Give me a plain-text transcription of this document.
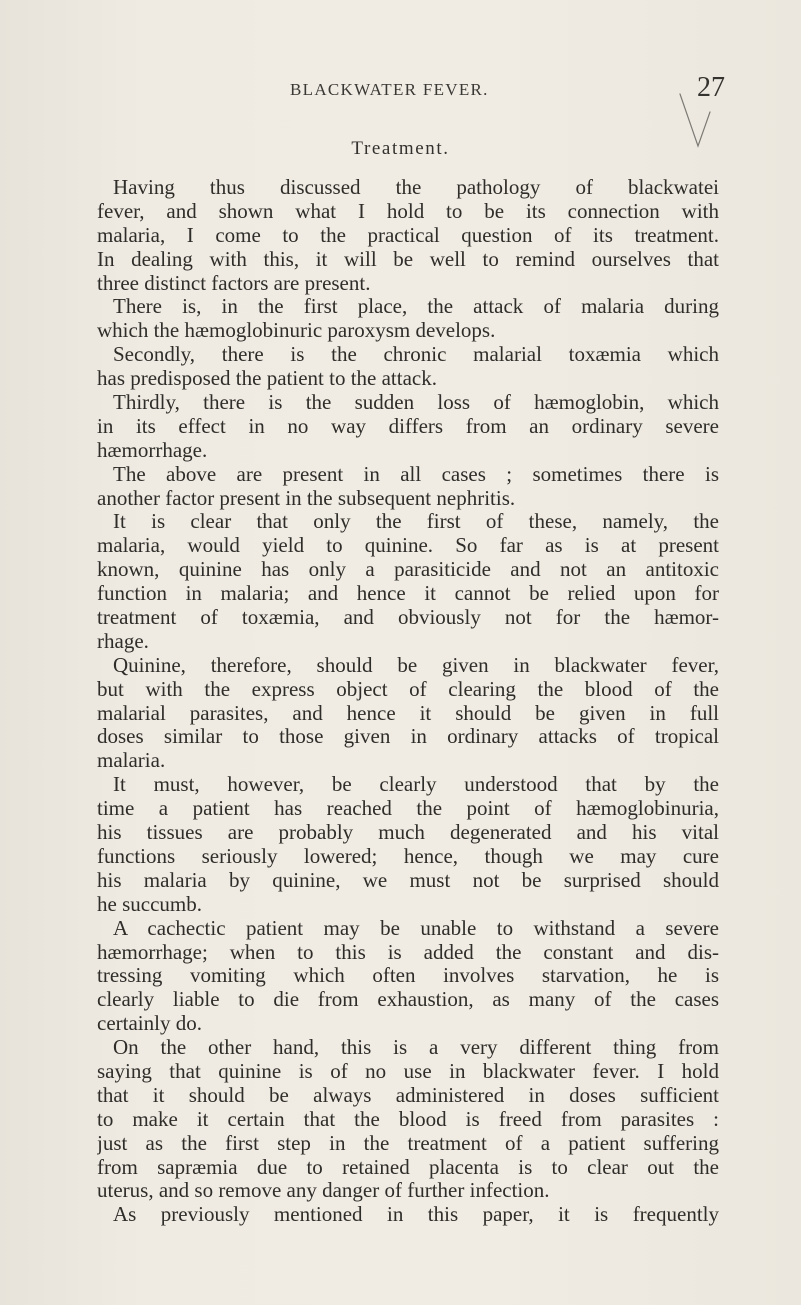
BLACKWATER FEVER.	27
Treatment.
Having thus discussed the pathology of blackwatei
fever, and shown what I hold to be its connection with
malaria, I come to the practical question of its treatment.
In dealing with this, it will be well to remind ourselves that
three distinct factors are present.
There is, in the first place, the attack of malaria during
which the hæmoglobinuric paroxysm develops.
Secondly, there is the chronic malarial toxæmia which
has predisposed the patient to the attack.
Thirdly, there is the sudden loss of hæmoglobin, which
in its effect in no way differs from an ordinary severe
hæmorrhage.
The above are present in all cases ; sometimes there is
another factor present in the subsequent nephritis.
It is clear that only the first of these, namely, the
malaria, would yield to quinine. So far as is at present
known, quinine has only a parasiticide and not an antitoxic
function in malaria; and hence it cannot be relied upon for
treatment of toxæmia, and obviously not for the hæmor-
rhage.
Quinine, therefore, should be given in blackwater fever,
but with the express object of clearing the blood of the
malarial parasites, and hence it should be given in full
doses similar to those given in ordinary attacks of tropical
malaria.
It must, however, be clearly understood that by the
time a patient has reached the point of hæmoglobinuria,
his tissues are probably much degenerated and his vital
functions seriously lowered; hence, though we may cure
his malaria by quinine, we must not be surprised should
he succumb.
A cachectic patient may be unable to withstand a severe
hæmorrhage; when to this is added the constant and dis-
tressing vomiting which often involves starvation, he is
clearly liable to die from exhaustion, as many of the cases
certainly do.
On the other hand, this is a very different thing from
saying that quinine is of no use in blackwater fever. I hold
that it should be always administered in doses sufficient
to make it certain that the blood is freed from parasites :
just as the first step in the treatment of a patient suffering
from sapræmia due to retained placenta is to clear out the
uterus, and so remove any danger of further infection.
As previously mentioned in this paper, it is frequently
